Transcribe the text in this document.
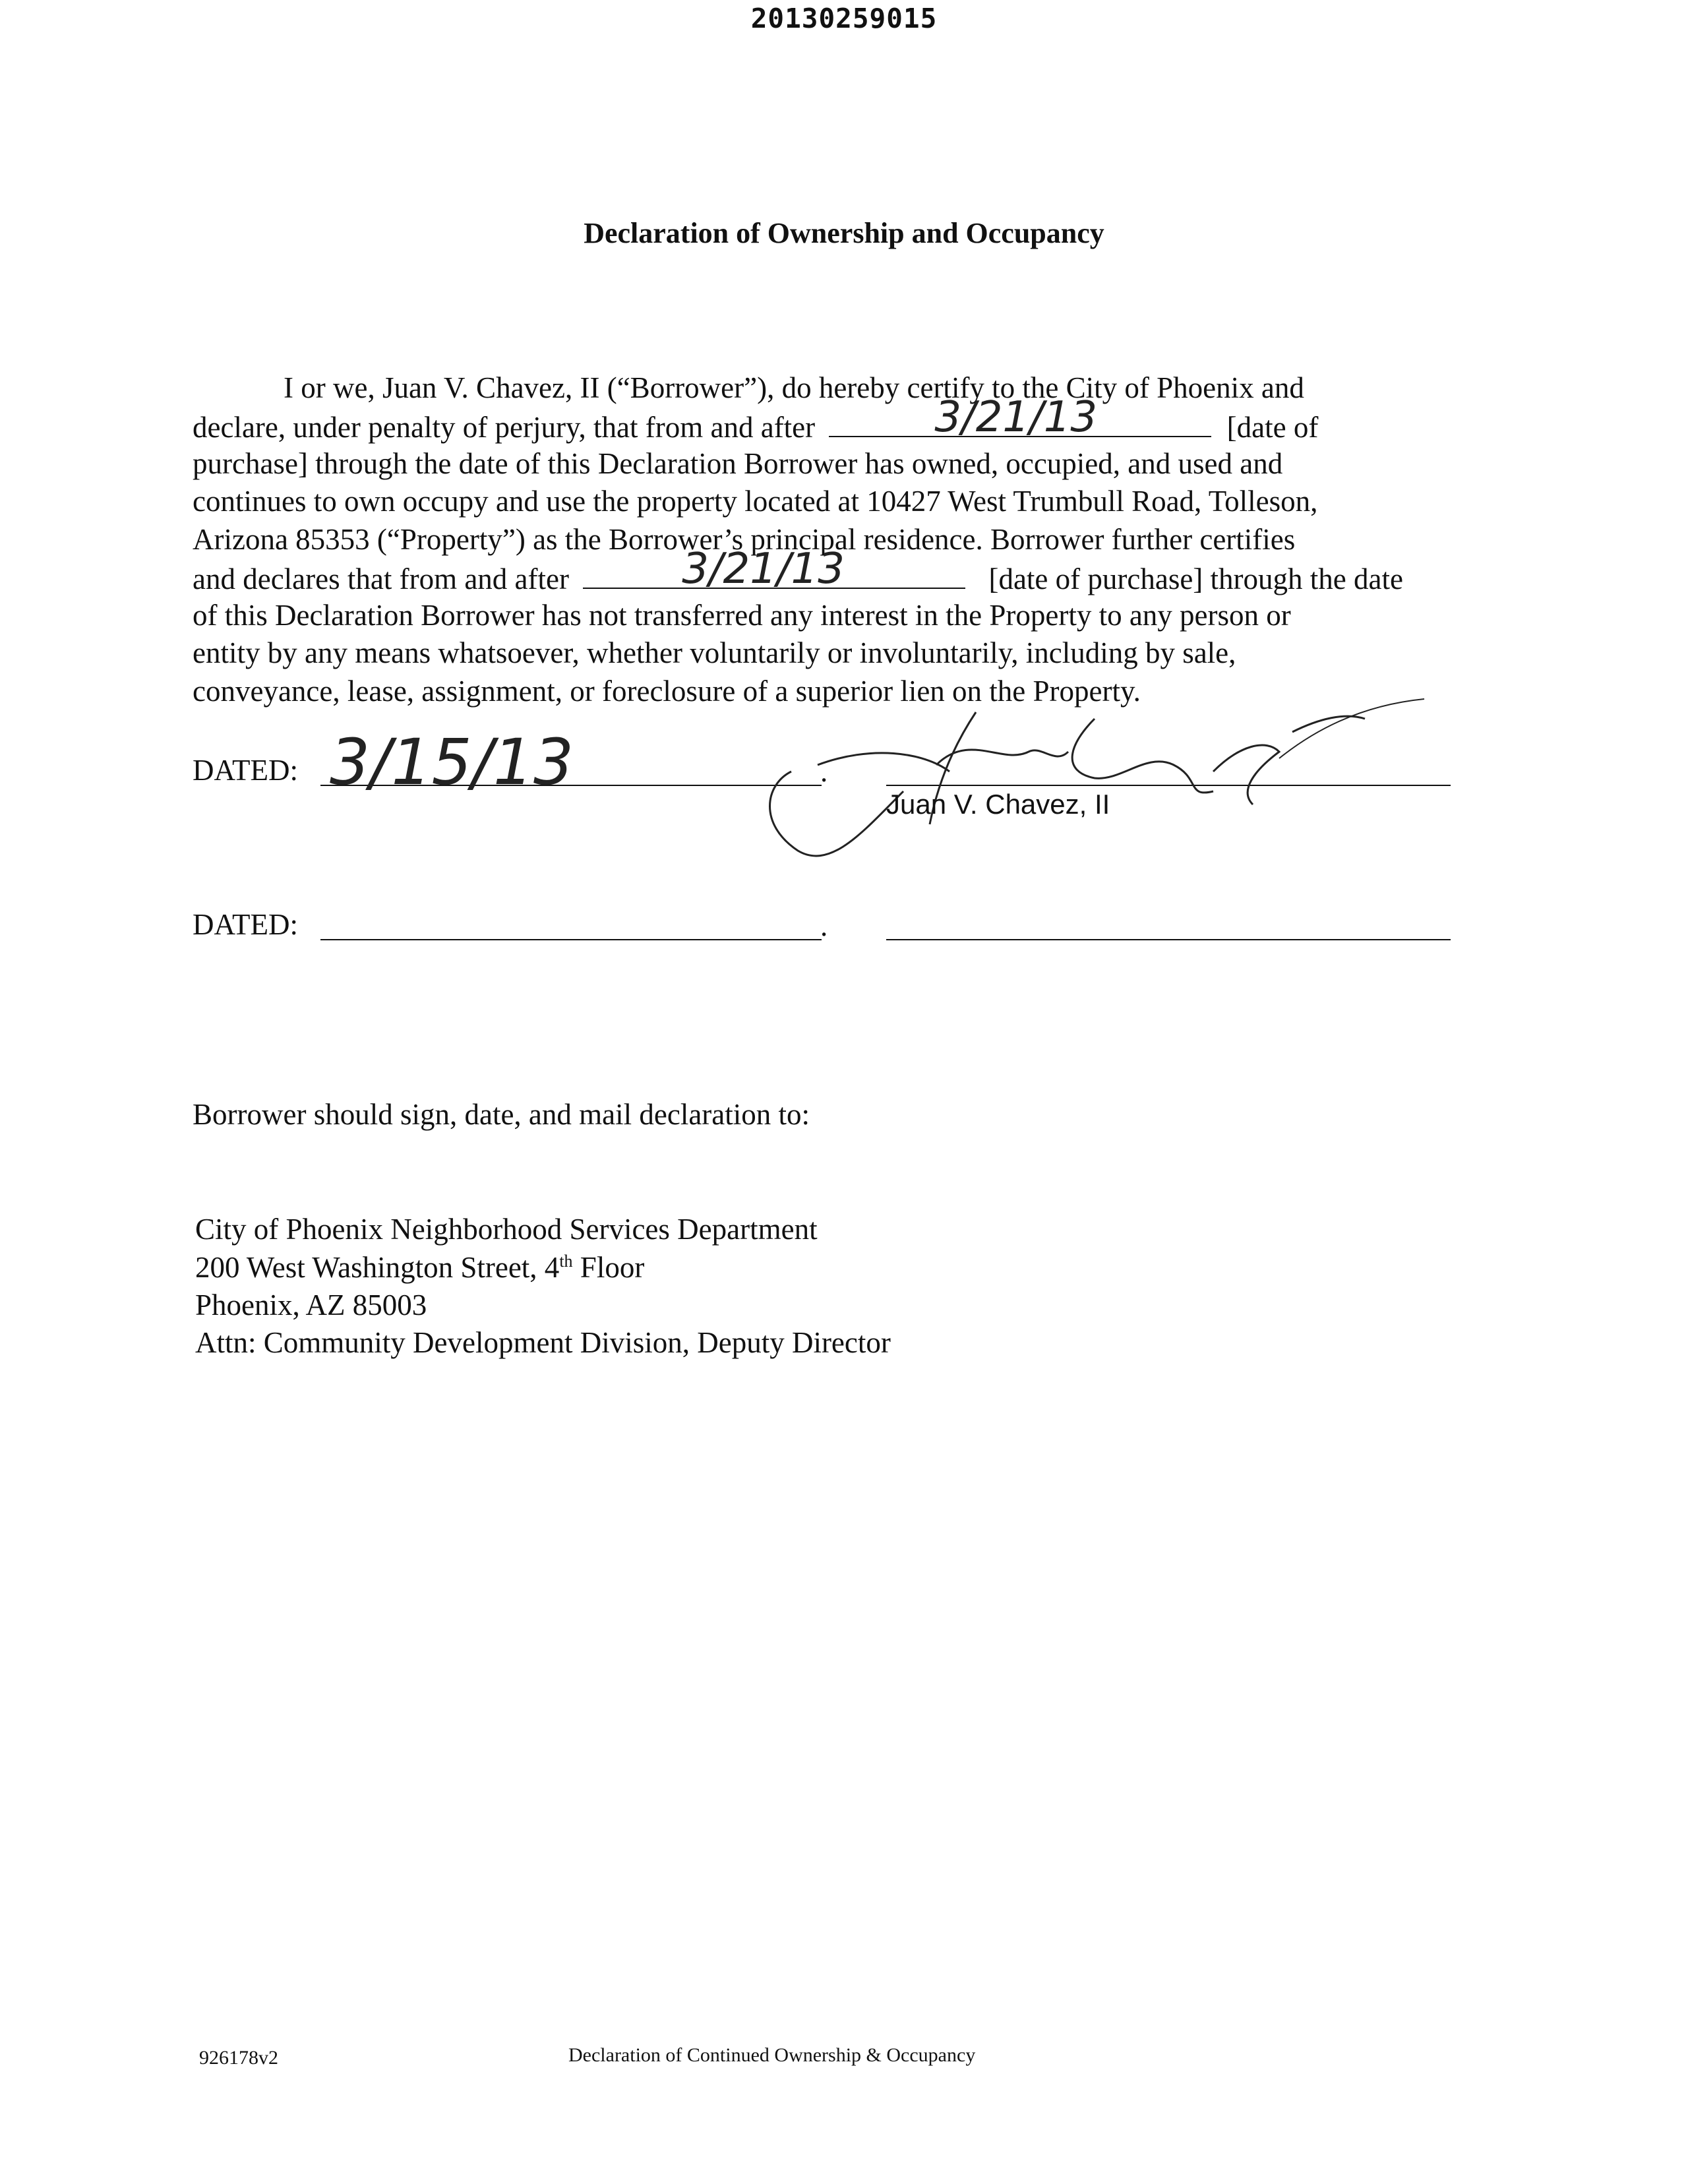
20130259015
Declaration of Ownership and Occupancy
I or we, Juan V. Chavez, II (“Borrower”), do hereby certify to the City of Phoenix and
declare, under penalty of perjury, that from and after	3/21/13	[date of
purchase] through the date of this Declaration Borrower has owned, occupied, and used and
continues to own occupy and use the property located at 10427 West Trumbull Road, Tolleson,
Arizona 85353 (“Property”) as the Borrower’s principal residence. Borrower further certifies
and declares that from and after	3/21/13	[date of purchase] through the date
of this Declaration Borrower has not transferred any interest in the Property to any person or
entity by any means whatsoever, whether voluntarily or involuntarily, including by sale,
conveyance, lease, assignment, or foreclosure of a superior lien on the Property.
DATED: 3/15/13	.
Juan V. Chavez, II
DATED:	.
Borrower should sign, date, and mail declaration to:
City of Phoenix Neighborhood Services Department
200 West Washington Street, 4th Floor
Phoenix, AZ 85003
Attn: Community Development Division, Deputy Director
926178v2	Declaration of Continued Ownership & Occupancy
